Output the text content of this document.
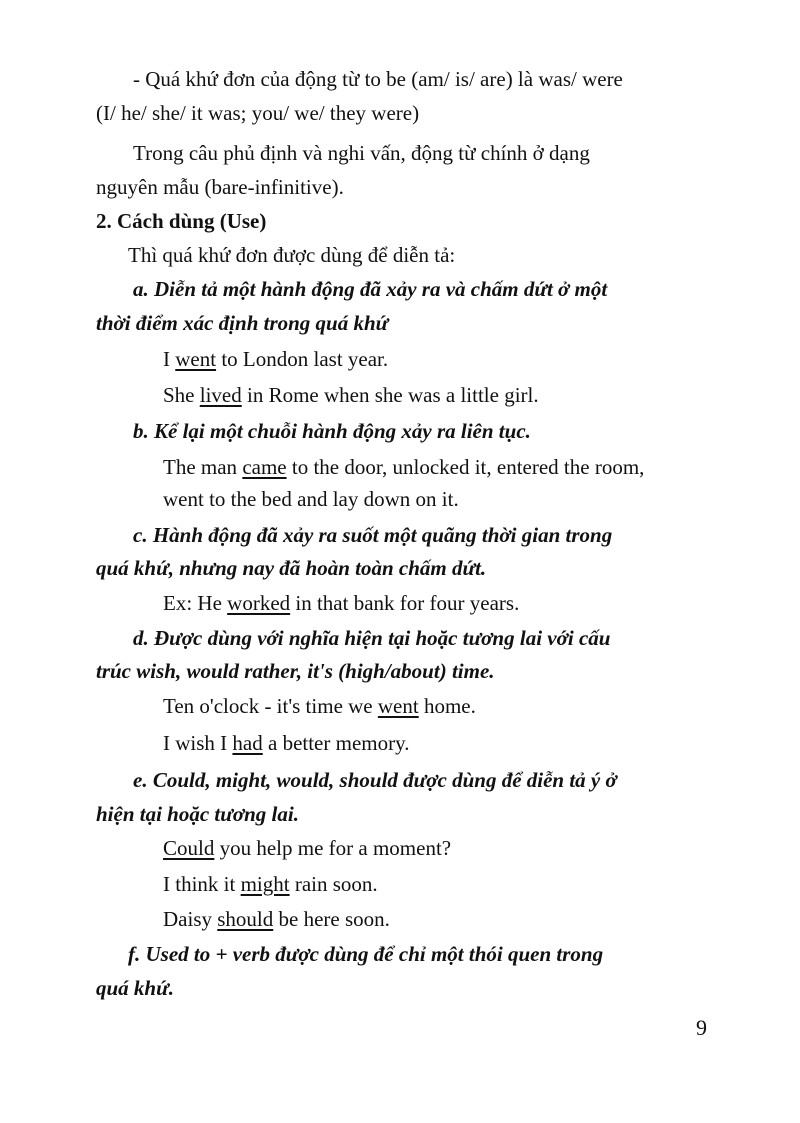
- Quá khứ đơn của động từ to be (am/ is/ are) là was/ were

(I/ he/ she/ it was; you/ we/ they were)

Trong câu phủ định và nghi vấn, động từ chính ở dạng

nguyên mẫu (bare-infinitive).

2. Cách dùng (Use)

Thì quá khứ đơn được dùng để diễn tả:

a. Diễn tả một hành động đã xảy ra và chấm dứt ở một

thời điểm xác định trong quá khứ

I went to London last year.

She lived in Rome when she was a little girl.

b. Kể lại một chuỗi hành động xảy ra liên tục.

The man came to the door, unlocked it, entered the room,

went to the bed and lay down on it.

c. Hành động đã xảy ra suốt một quãng thời gian trong

quá khứ, nhưng nay đã hoàn toàn chấm dứt.

Ex: He worked in that bank for four years.

d. Được dùng với nghĩa hiện tại hoặc tương lai với cấu

trúc wish, would rather, it's (high/about) time.

Ten o'clock - it's time we went home.

I wish I had a better memory.

e. Could, might, would, should được dùng để diễn tả ý ở

hiện tại hoặc tương lai.

Could you help me for a moment?

I think it might rain soon.

Daisy should be here soon.

f. Used to + verb được dùng để chỉ một thói quen trong

quá khứ.

9
